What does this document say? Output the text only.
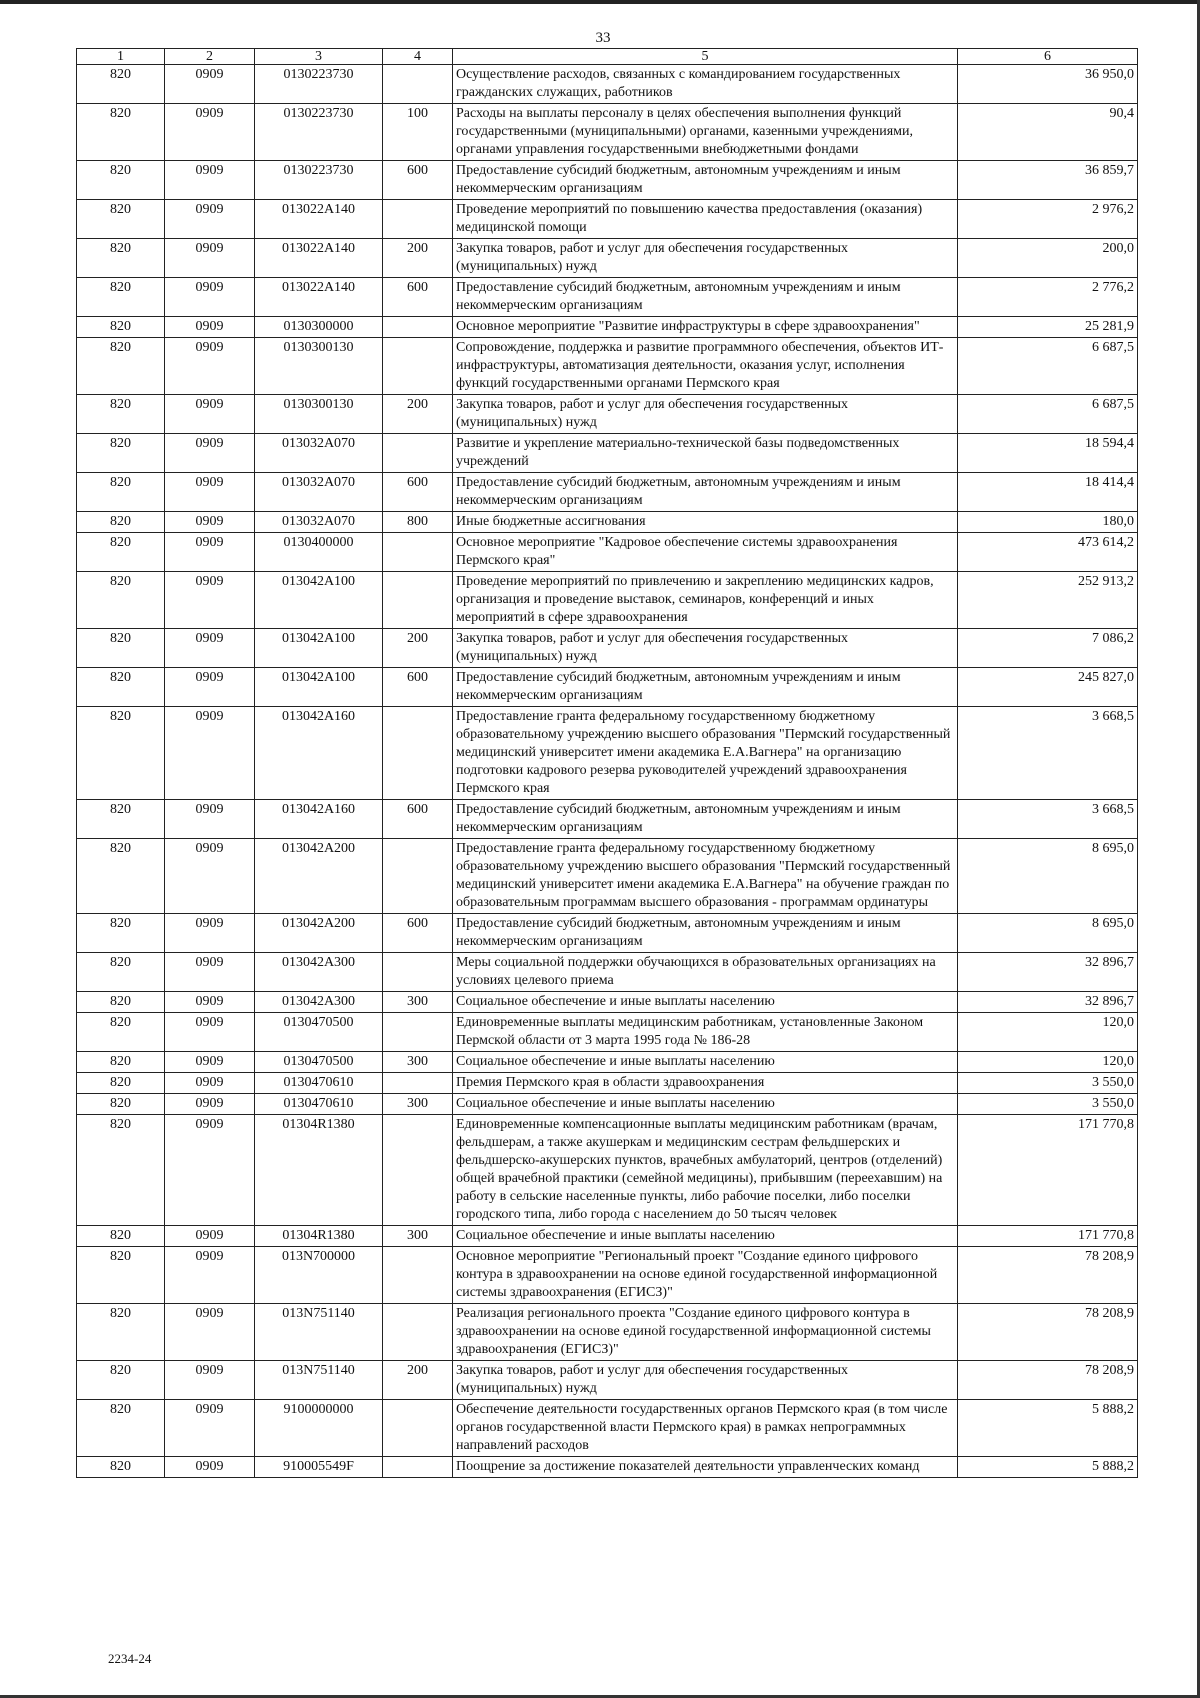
33
1	2	3	4	5	6
820	0909	0130223730		Осуществление расходов, связанных с командированием государственных гражданских служащих, работников	36 950,0
820	0909	0130223730	100	Расходы на выплаты персоналу в целях обеспечения выполнения функций государственными (муниципальными) органами, казенными учреждениями, органами управления государственными внебюджетными фондами	90,4
820	0909	0130223730	600	Предоставление субсидий бюджетным, автономным учреждениям и иным некоммерческим организациям	36 859,7
820	0909	013022А140		Проведение мероприятий по повышению качества предоставления (оказания) медицинской помощи	2 976,2
820	0909	013022А140	200	Закупка товаров, работ и услуг для обеспечения государственных (муниципальных) нужд	200,0
820	0909	013022А140	600	Предоставление субсидий бюджетным, автономным учреждениям и иным некоммерческим организациям	2 776,2
820	0909	0130300000		Основное мероприятие "Развитие инфраструктуры в сфере здравоохранения"	25 281,9
820	0909	0130300130		Сопровождение, поддержка и развитие программного обеспечения, объектов ИТ-инфраструктуры, автоматизация деятельности, оказания услуг, исполнения функций государственными органами Пермского края	6 687,5
820	0909	0130300130	200	Закупка товаров, работ и услуг для обеспечения государственных (муниципальных) нужд	6 687,5
820	0909	013032А070		Развитие и укрепление материально-технической базы подведомственных учреждений	18 594,4
820	0909	013032А070	600	Предоставление субсидий бюджетным, автономным учреждениям и иным некоммерческим организациям	18 414,4
820	0909	013032А070	800	Иные бюджетные ассигнования	180,0
820	0909	0130400000		Основное мероприятие "Кадровое обеспечение системы здравоохранения Пермского края"	473 614,2
820	0909	013042А100		Проведение мероприятий по привлечению и закреплению медицинских кадров, организация и проведение выставок, семинаров, конференций и иных мероприятий в сфере здравоохранения	252 913,2
820	0909	013042А100	200	Закупка товаров, работ и услуг для обеспечения государственных (муниципальных) нужд	7 086,2
820	0909	013042А100	600	Предоставление субсидий бюджетным, автономным учреждениям и иным некоммерческим организациям	245 827,0
820	0909	013042А160		Предоставление гранта федеральному государственному бюджетному образовательному учреждению высшего образования "Пермский государственный медицинский университет имени академика Е.А.Вагнера" на организацию подготовки кадрового резерва руководителей учреждений здравоохранения Пермского края	3 668,5
820	0909	013042А160	600	Предоставление субсидий бюджетным, автономным учреждениям и иным некоммерческим организациям	3 668,5
820	0909	013042А200		Предоставление гранта федеральному государственному бюджетному образовательному учреждению высшего образования "Пермский государственный медицинский университет имени академика Е.А.Вагнера" на обучение граждан по образовательным программам высшего образования - программам ординатуры	8 695,0
820	0909	013042А200	600	Предоставление субсидий бюджетным, автономным учреждениям и иным некоммерческим организациям	8 695,0
820	0909	013042А300		Меры социальной поддержки обучающихся в образовательных организациях на условиях целевого приема	32 896,7
820	0909	013042А300	300	Социальное обеспечение и иные выплаты населению	32 896,7
820	0909	0130470500		Единовременные выплаты медицинским работникам, установленные Законом Пермской области от 3 марта 1995 года № 186-28	120,0
820	0909	0130470500	300	Социальное обеспечение и иные выплаты населению	120,0
820	0909	0130470610		Премия Пермского края в области здравоохранения	3 550,0
820	0909	0130470610	300	Социальное обеспечение и иные выплаты населению	3 550,0
820	0909	01304R1380		Единовременные компенсационные выплаты медицинским работникам (врачам, фельдшерам, а также акушеркам и медицинским сестрам фельдшерских и фельдшерско-акушерских пунктов, врачебных амбулаторий, центров (отделений) общей врачебной практики (семейной медицины), прибывшим (переехавшим) на работу в сельские населенные пункты, либо рабочие поселки, либо поселки городского типа, либо города с населением до 50 тысяч человек	171 770,8
820	0909	01304R1380	300	Социальное обеспечение и иные выплаты населению	171 770,8
820	0909	013N700000		Основное мероприятие "Региональный проект "Создание единого цифрового контура в здравоохранении на основе единой государственной информационной системы здравоохранения (ЕГИСЗ)"	78 208,9
820	0909	013N751140		Реализация регионального проекта "Создание единого цифрового контура в здравоохранении на основе единой государственной информационной системы здравоохранения (ЕГИСЗ)"	78 208,9
820	0909	013N751140	200	Закупка товаров, работ и услуг для обеспечения государственных (муниципальных) нужд	78 208,9
820	0909	9100000000		Обеспечение деятельности государственных органов Пермского края (в том числе органов государственной власти Пермского края) в рамках непрограммных направлений расходов	5 888,2
820	0909	910005549F		Поощрение за достижение показателей деятельности управленческих команд	5 888,2
2234-24
